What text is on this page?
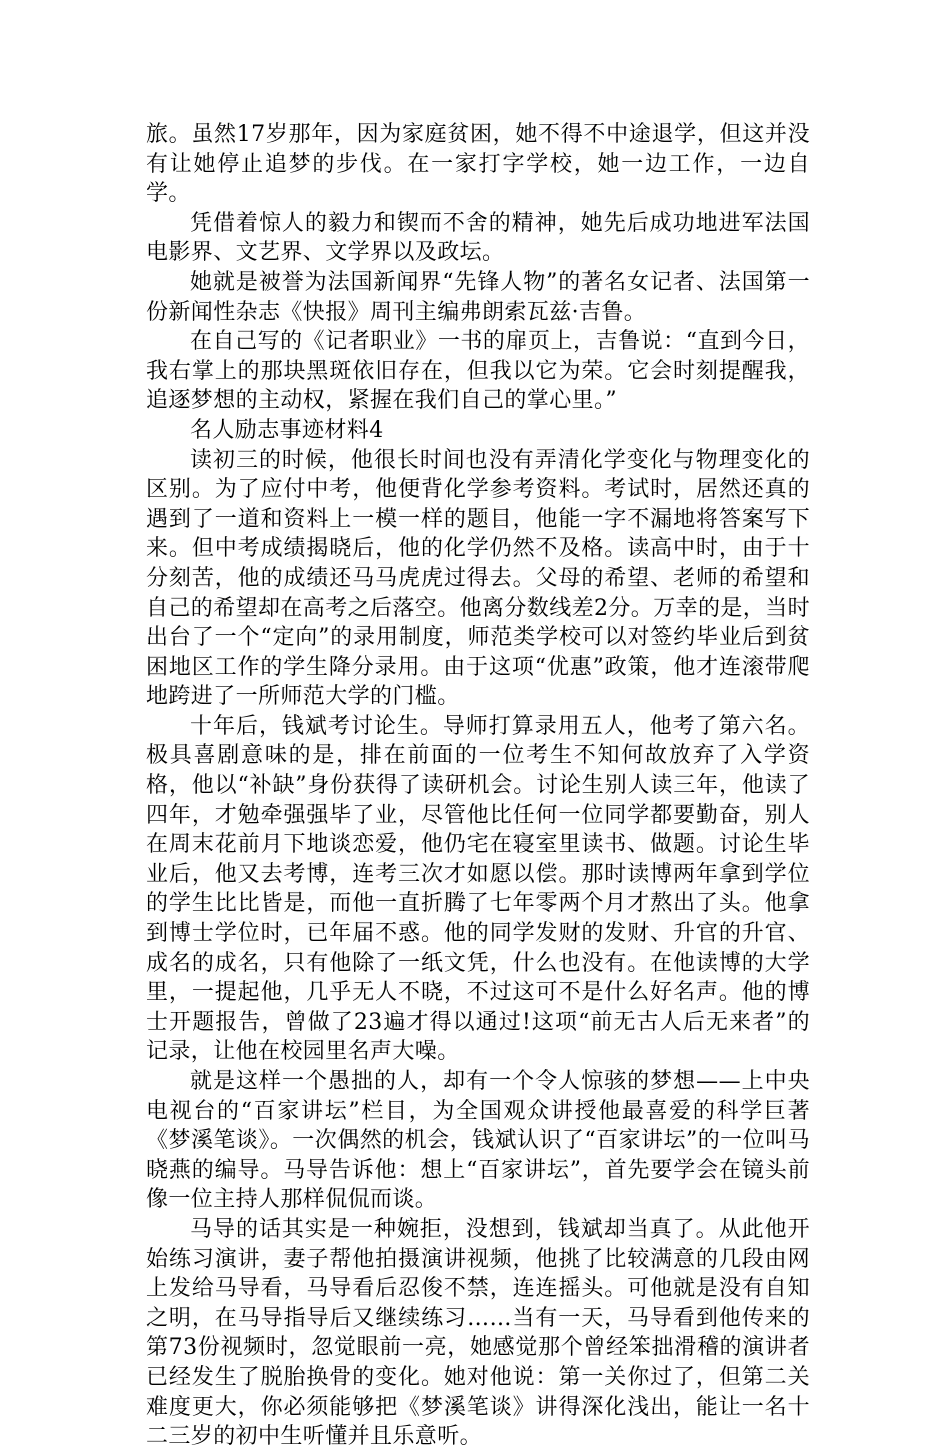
旅。虽然17岁那年，因为家庭贫困，她不得不中途退学，但这并没有让她停止追梦的步伐。在一家打字学校，她一边工作，一边自学。

凭借着惊人的毅力和锲而不舍的精神，她先后成功地进军法国电影界、文艺界、文学界以及政坛。

她就是被誉为法国新闻界“先锋人物”的著名女记者、法国第一份新闻性杂志《快报》周刊主编弗朗索瓦兹·吉鲁。

在自己写的《记者职业》一书的扉页上，吉鲁说：“直到今日，我右掌上的那块黑斑依旧存在，但我以它为荣。它会时刻提醒我，追逐梦想的主动权，紧握在我们自己的掌心里。”

名人励志事迹材料4

读初三的时候，他很长时间也没有弄清化学变化与物理变化的区别。为了应付中考，他便背化学参考资料。考试时，居然还真的遇到了一道和资料上一模一样的题目，他能一字不漏地将答案写下来。但中考成绩揭晓后，他的化学仍然不及格。读高中时，由于十分刻苦，他的成绩还马马虎虎过得去。父母的希望、老师的希望和自己的希望却在高考之后落空。他离分数线差2分。万幸的是，当时出台了一个“定向”的录用制度，师范类学校可以对签约毕业后到贫困地区工作的学生降分录用。由于这项“优惠”政策，他才连滚带爬地跨进了一所师范大学的门槛。

十年后，钱斌考讨论生。导师打算录用五人，他考了第六名。极具喜剧意味的是，排在前面的一位考生不知何故放弃了入学资格，他以“补缺”身份获得了读研机会。讨论生别人读三年，他读了四年，才勉牵强强毕了业，尽管他比任何一位同学都要勤奋，别人在周末花前月下地谈恋爱，他仍宅在寝室里读书、做题。讨论生毕业后，他又去考博，连考三次才如愿以偿。那时读博两年拿到学位的学生比比皆是，而他一直折腾了七年零两个月才熬出了头。他拿到博士学位时，已年届不惑。他的同学发财的发财、升官的升官、成名的成名，只有他除了一纸文凭，什么也没有。在他读博的大学里，一提起他，几乎无人不晓，不过这可不是什么好名声。他的博士开题报告，曾做了23遍才得以通过!这项“前无古人后无来者”的记录，让他在校园里名声大噪。

就是这样一个愚拙的人，却有一个令人惊骇的梦想——上中央电视台的“百家讲坛”栏目，为全国观众讲授他最喜爱的科学巨著《梦溪笔谈》。一次偶然的机会，钱斌认识了“百家讲坛”的一位叫马晓燕的编导。马导告诉他：想上“百家讲坛”，首先要学会在镜头前像一位主持人那样侃侃而谈。

马导的话其实是一种婉拒，没想到，钱斌却当真了。从此他开始练习演讲，妻子帮他拍摄演讲视频，他挑了比较满意的几段由网上发给马导看，马导看后忍俊不禁，连连摇头。可他就是没有自知之明，在马导指导后又继续练习……当有一天，马导看到他传来的第73份视频时，忽觉眼前一亮，她感觉那个曾经笨拙滑稽的演讲者已经发生了脱胎换骨的变化。她对他说：第一关你过了，但第二关难度更大，你必须能够把《梦溪笔谈》讲得深化浅出，能让一名十二三岁的初中生听懂并且乐意听。
